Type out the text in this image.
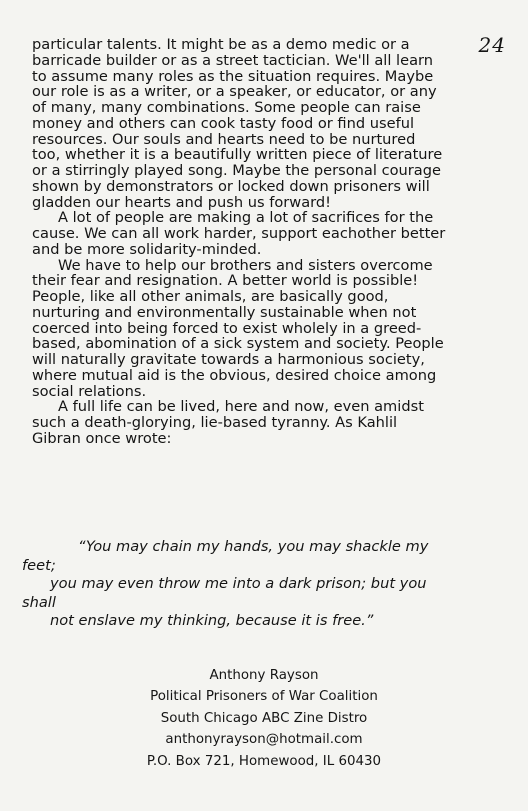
24
particular talents. It might be as a demo medic or a
barricade builder or as a street tactician. We'll all learn
to assume many roles as the situation requires. Maybe
our role is as a writer, or a speaker, or educator, or any
of many, many combinations. Some people can raise
money and others can cook tasty food or find useful
resources. Our souls and hearts need to be nurtured
too, whether it is a beautifully written piece of literature
or a stirringly played song. Maybe the personal courage
shown by demonstrators or locked down prisoners will
gladden our hearts and push us forward!
A lot of people are making a lot of sacrifices for the
cause. We can all work harder, support eachother better
and be more solidarity-minded.
We have to help our brothers and sisters overcome
their fear and resignation. A better world is possible!
People, like all other animals, are basically good,
nurturing and environmentally sustainable when not
coerced into being forced to exist wholely in a greed-
based, abomination of a sick system and society. People
will naturally gravitate towards a harmonious society,
where mutual aid is the obvious, desired choice among
social relations.
A full life can be lived, here and now, even amidst
such a death-glorying, lie-based tyranny. As Kahlil
Gibran once wrote:
“You may chain my hands, you may shackle my
feet;
you may even throw me into a dark prison; but you
shall
not enslave my thinking, because it is free.”
Anthony Rayson
Political Prisoners of War Coalition
South Chicago ABC Zine Distro
anthonyrayson@hotmail.com
P.O. Box 721, Homewood, IL 60430
